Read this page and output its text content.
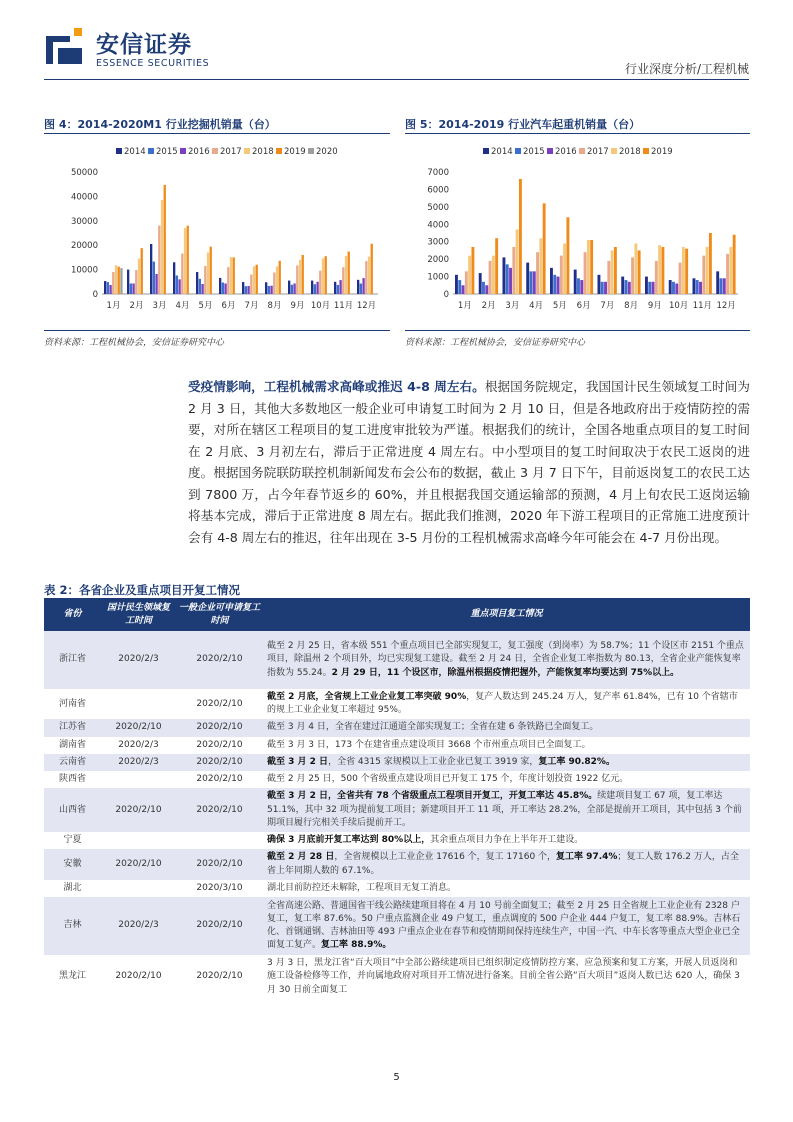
安信证券
ESSENCE SECURITIES	行业深度分析/工程机械
图 4：2014-2020M1 行业挖掘机销量（台）
2014 2015 2016 2017 2018 2019 2020
0
10000
20000
30000
40000
50000
1月 2月 3月 4月 5月 6月 7月 8月 9月 10月 11月 12月
资料来源：工程机械协会，安信证券研究中心
图 5：2014-2019 行业汽车起重机销量（台）
2014 2015 2016 2017 2018 2019
0
1000
2000
3000
4000
5000
6000
7000
1月 2月 3月 4月 5月 6月 7月 8月 9月 10月 11月 12月
资料来源：工程机械协会，安信证券研究中心
受疫情影响，工程机械需求高峰或推迟 4-8 周左右。根据国务院规定，我国国计民生领域复工时间为 2 月 3 日，其他大多数地区一般企业可申请复工时间为 2 月 10 日，但是各地政府出于疫情防控的需要，对所在辖区工程项目的复工进度审批较为严谨。根据我们的统计，全国各地重点项目的复工时间在 2 月底、3 月初左右，滞后于正常进度 4 周左右。中小型项目的复工时间取决于农民工返岗的进度。根据国务院联防联控机制新闻发布会公布的数据，截止 3 月 7 日下午，目前返岗复工的农民工达到 7800 万，占今年春节返乡的 60%，并且根据我国交通运输部的预测，4 月上旬农民工返岗运输将基本完成，滞后于正常进度 8 周左右。据此我们推测，2020 年下游工程项目的正常施工进度预计会有 4-8 周左右的推迟，往年出现在 3-5 月份的工程机械需求高峰今年可能会在 4-7 月份出现。
表 2：各省企业及重点项目开复工情况
省份	国计民生领域复工时间	一般企业可申请复工时间	重点项目复工情况
浙江省	2020/2/3	2020/2/10	截至 2 月 25 日，省本级 551 个重点项目已全部实现复工，复工强度（到岗率）为 58.7%；11 个设区市 2151 个重点项目，除温州 2 个项目外，均已实现复工建设。截至 2 月 24 日，全省企业复工率指数为 80.13，全省企业产能恢复率指数为 55.24。2 月 29 日，11 个设区市，除温州根据疫情把握外，产能恢复率均要达到 75%以上。
河南省		2020/2/10	截至 2 月底，全省规上工业企业复工率突破 90%，复产人数达到 245.24 万人，复产率 61.84%，已有 10 个省辖市的规上工业企业复工率超过 95%。
江苏省	2020/2/10	2020/2/10	截至 3 月 4 日，全省在建过江通道全部实现复工；全省在建 6 条铁路已全面复工。
湖南省	2020/2/3	2020/2/10	截至 3 月 3 日，173 个在建省重点建设项目 3668 个市州重点项目已全面复工。
云南省	2020/2/3	2020/2/10	截至 3 月 2 日，全省 4315 家规模以上工业企业已复工 3919 家，复工率 90.82%。
陕西省		2020/2/10	截至 2 月 25 日，500 个省级重点建设项目已开复工 175 个，年度计划投资 1922 亿元。
山西省	2020/2/10	2020/2/10	截至 3 月 2 日，全省共有 78 个省级重点工程项目开复工，开复工率达 45.8%。续建项目复工 67 项，复工率达 51.1%，其中 32 项为提前复工项目；新建项目开工 11 项，开工率达 28.2%，全部是提前开工项目，其中包括 3 个前期项目履行完相关手续后提前开工。
宁夏			确保 3 月底前开复工率达到 80%以上，其余重点项目力争在上半年开工建设。
安徽	2020/2/10	2020/2/10	截至 2 月 28 日，全省规模以上工业企业 17616 个，复工 17160 个，复工率 97.4%；复工人数 176.2 万人，占全省上年同期人数的 67.1%。
湖北		2020/3/10	湖北目前防控还未解除，工程项目无复工消息。
吉林	2020/2/3	2020/2/10	全省高速公路、普通国省干线公路续建项目将在 4 月 10 号前全面复工；截至 2 月 25 日全省规上工业企业有 2328 户复工，复工率 87.6%。50 户重点监测企业 49 户复工，重点调度的 500 户企业 444 户复工，复工率 88.9%。吉林石化、首钢通钢、吉林油田等 493 户重点企业在春节和疫情期间保持连续生产，中国一汽、中车长客等重点大型企业已全面复工复产。复工率 88.9%。
黑龙江	2020/2/10	2020/2/10	3 月 3 日，黑龙江省“百大项目”中全部公路续建项目已组织制定疫情防控方案、应急预案和复工方案，开展人员返岗和施工设备检修等工作，并向属地政府对项目开工情况进行备案。目前全省公路“百大项目”返岗人数已达 620 人，确保 3 月 30 日前全面复工
5
